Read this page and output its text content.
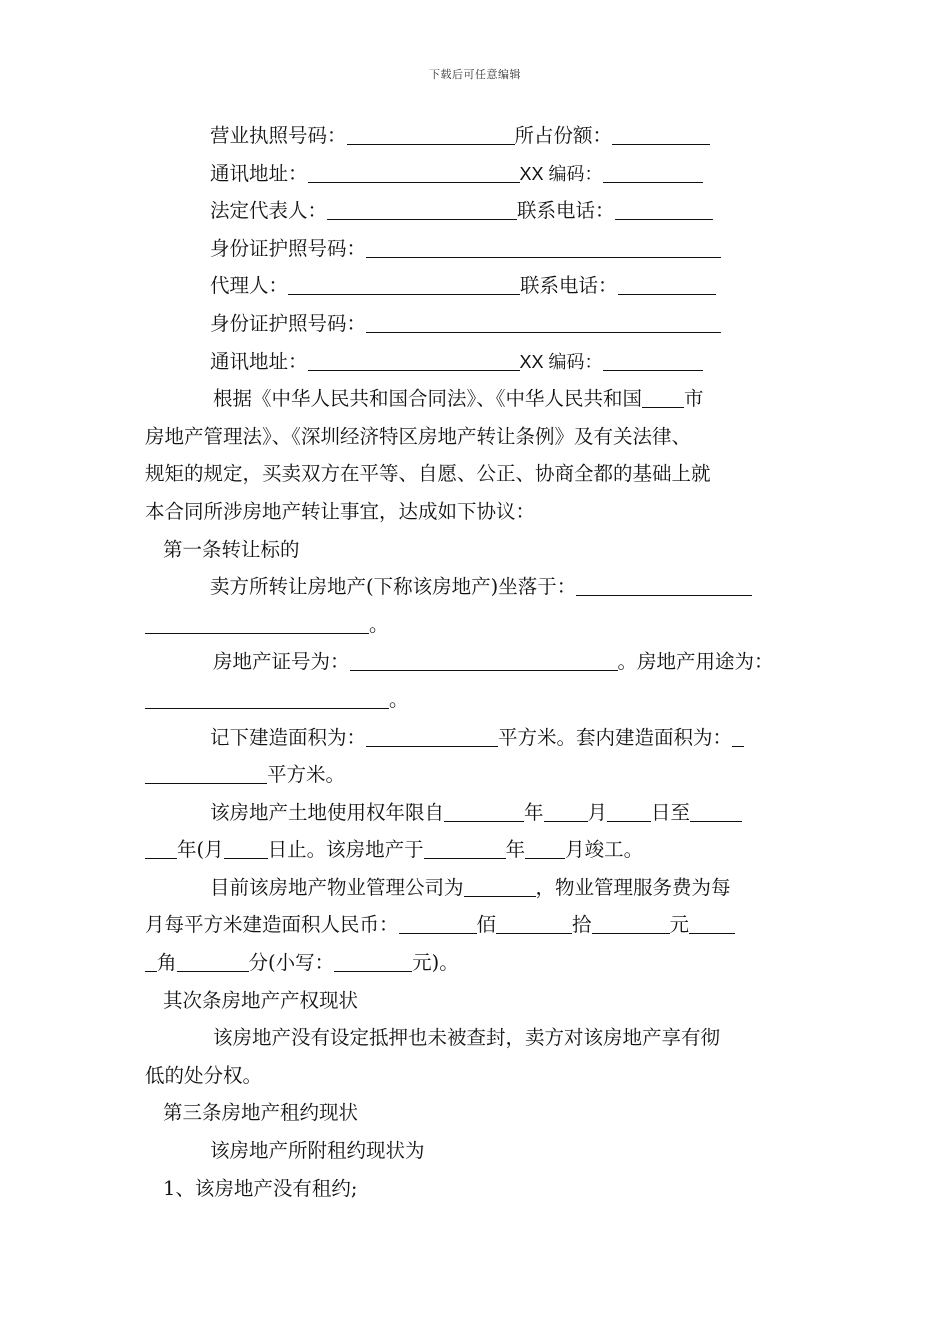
下载后可任意编辑
营业执照号码：	所占份额：
通讯地址：	XX 编码：
法定代表人：	联系电话：
身份证护照号码：
代理人：	联系电话：
身份证护照号码：
通讯地址：	XX 编码：
根据《中华人民共和国合同法》、《中华人民共和国 市
房地产管理法》、《深圳经济特区房地产转让条例》及有关法律、
规矩的规定，买卖双方在平等、自愿、公正、协商全都的基础上就
本合同所涉房地产转让事宜，达成如下协议：
第一条转让标的
卖方所转让房地产(下称该房地产)坐落于：
。
房地产证号为：	。房地产用途为：
。
记下建造面积为：	平方米。套内建造面积为：
平方米。
该房地产土地使用权年限自	年 月 日至
年(月 日止。该房地产于	年 月竣工。
目前该房地产物业管理公司为	，物业管理服务费为每
月每平方米建造面积人民币：	佰	拾	元
角	分(小写：	元)。
其次条房地产产权现状
该房地产没有设定抵押也未被查封，卖方对该房地产享有彻
低的处分权。
第三条房地产租约现状
该房地产所附租约现状为
1、该房地产没有租约;
